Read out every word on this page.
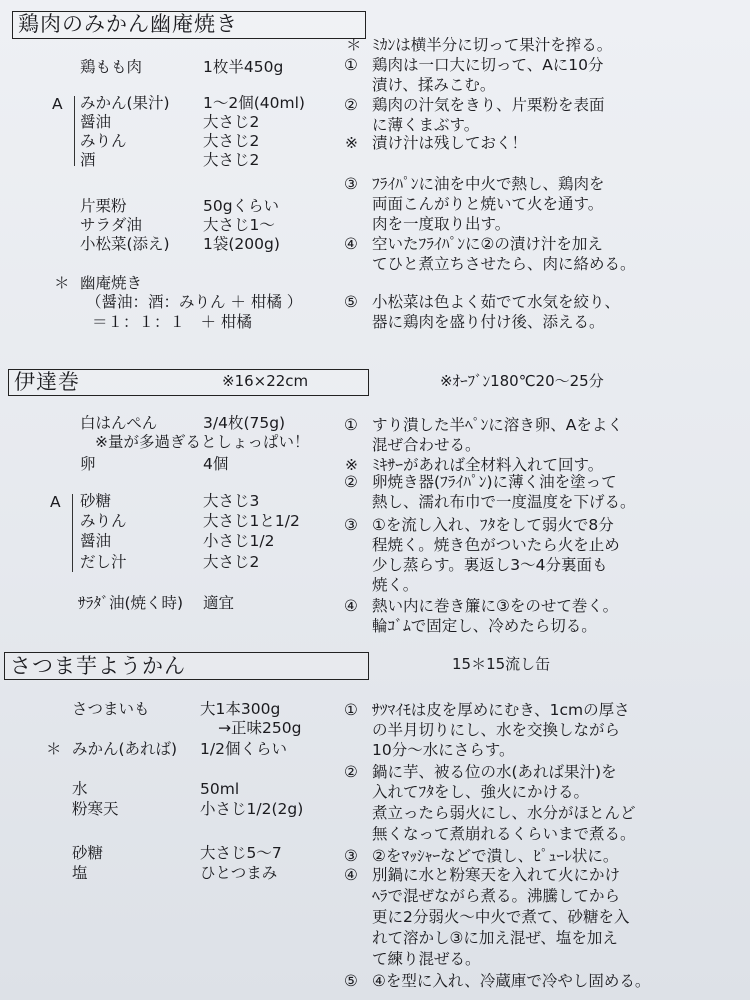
鶏肉のみかん幽庵焼き
鶏もも肉	1枚半450g
A みかん(果汁) 1〜2個(40ml)
醤油	大さじ2
みりん	大さじ2
酒	大さじ2
片栗粉	50gくらい
サラダ油	大さじ1〜
小松菜(添え) 1袋(200g)
＊ 幽庵焼き
（醤油：酒：みりん ＋ 柑橘 ）
＝１：１：１　＋ 柑橘
＊ ﾐｶﾝは横半分に切って果汁を搾る。
① 鶏肉は一口大に切って、Aに10分
漬け、揉みこむ。
② 鶏肉の汁気をきり、片栗粉を表面
に薄くまぶす。
※ 漬け汁は残しておく！
③ ﾌﾗｲﾊﾟﾝに油を中火で熱し、鶏肉を
両面こんがりと焼いて火を通す。
肉を一度取り出す。
④ 空いたﾌﾗｲﾊﾟﾝに②の漬け汁を加え
てひと煮立ちさせたら、肉に絡める。
⑤ 小松菜は色よく茹でて水気を絞り、
器に鶏肉を盛り付け後、添える。
伊達巻	※16×22cm	※ｵｰﾌﾞﾝ180℃20〜25分
白はんぺん	3/4枚(75g)
※量が多過ぎるとしょっぱい！
卵	4個
A 砂糖	大さじ3
みりん	大さじ1と1/2
醤油	小さじ1/2
だし汁	大さじ2
ｻﾗﾀﾞ油(焼く時) 適宜
① すり潰した半ﾍﾟﾝに溶き卵、Aをよく
混ぜ合わせる。
※ ﾐｷｻｰがあれば全材料入れて回す。
② 卵焼き器(ﾌﾗｲﾊﾟﾝ)に薄く油を塗って
熱し、濡れ布巾で一度温度を下げる。
③ ①を流し入れ、ﾌﾀをして弱火で8分
程焼く。焼き色がついたら火を止め
少し蒸らす。裏返し3〜4分裏面も
焼く。
④ 熱い内に巻き簾に③をのせて巻く。
輪ｺﾞﾑで固定し、冷めたら切る。
さつま芋ようかん	15＊15流し缶
さつまいも	大1本300g
→正味250g
＊ みかん(あれば) 1/2個くらい
水	50ml
粉寒天	小さじ1/2(2g)
砂糖	大さじ5〜7
塩	ひとつまみ
① ｻﾂﾏｲﾓは皮を厚めにむき、1cmの厚さ
の半月切りにし、水を交換しながら
10分〜水にさらす。
② 鍋に芋、被る位の水(あれば果汁)を
入れてﾌﾀをし、強火にかける。
煮立ったら弱火にし、水分がほとんど
無くなって煮崩れるくらいまで煮る。
③ ②をﾏｯｼｬｰなどで潰し、ﾋﾟｭｰﾚ状に。
④ 別鍋に水と粉寒天を入れて火にかけ
ﾍﾗで混ぜながら煮る。沸騰してから
更に2分弱火〜中火で煮て、砂糖を入
れて溶かし③に加え混ぜ、塩を加え
て練り混ぜる。
⑤ ④を型に入れ、冷蔵庫で冷やし固める。
